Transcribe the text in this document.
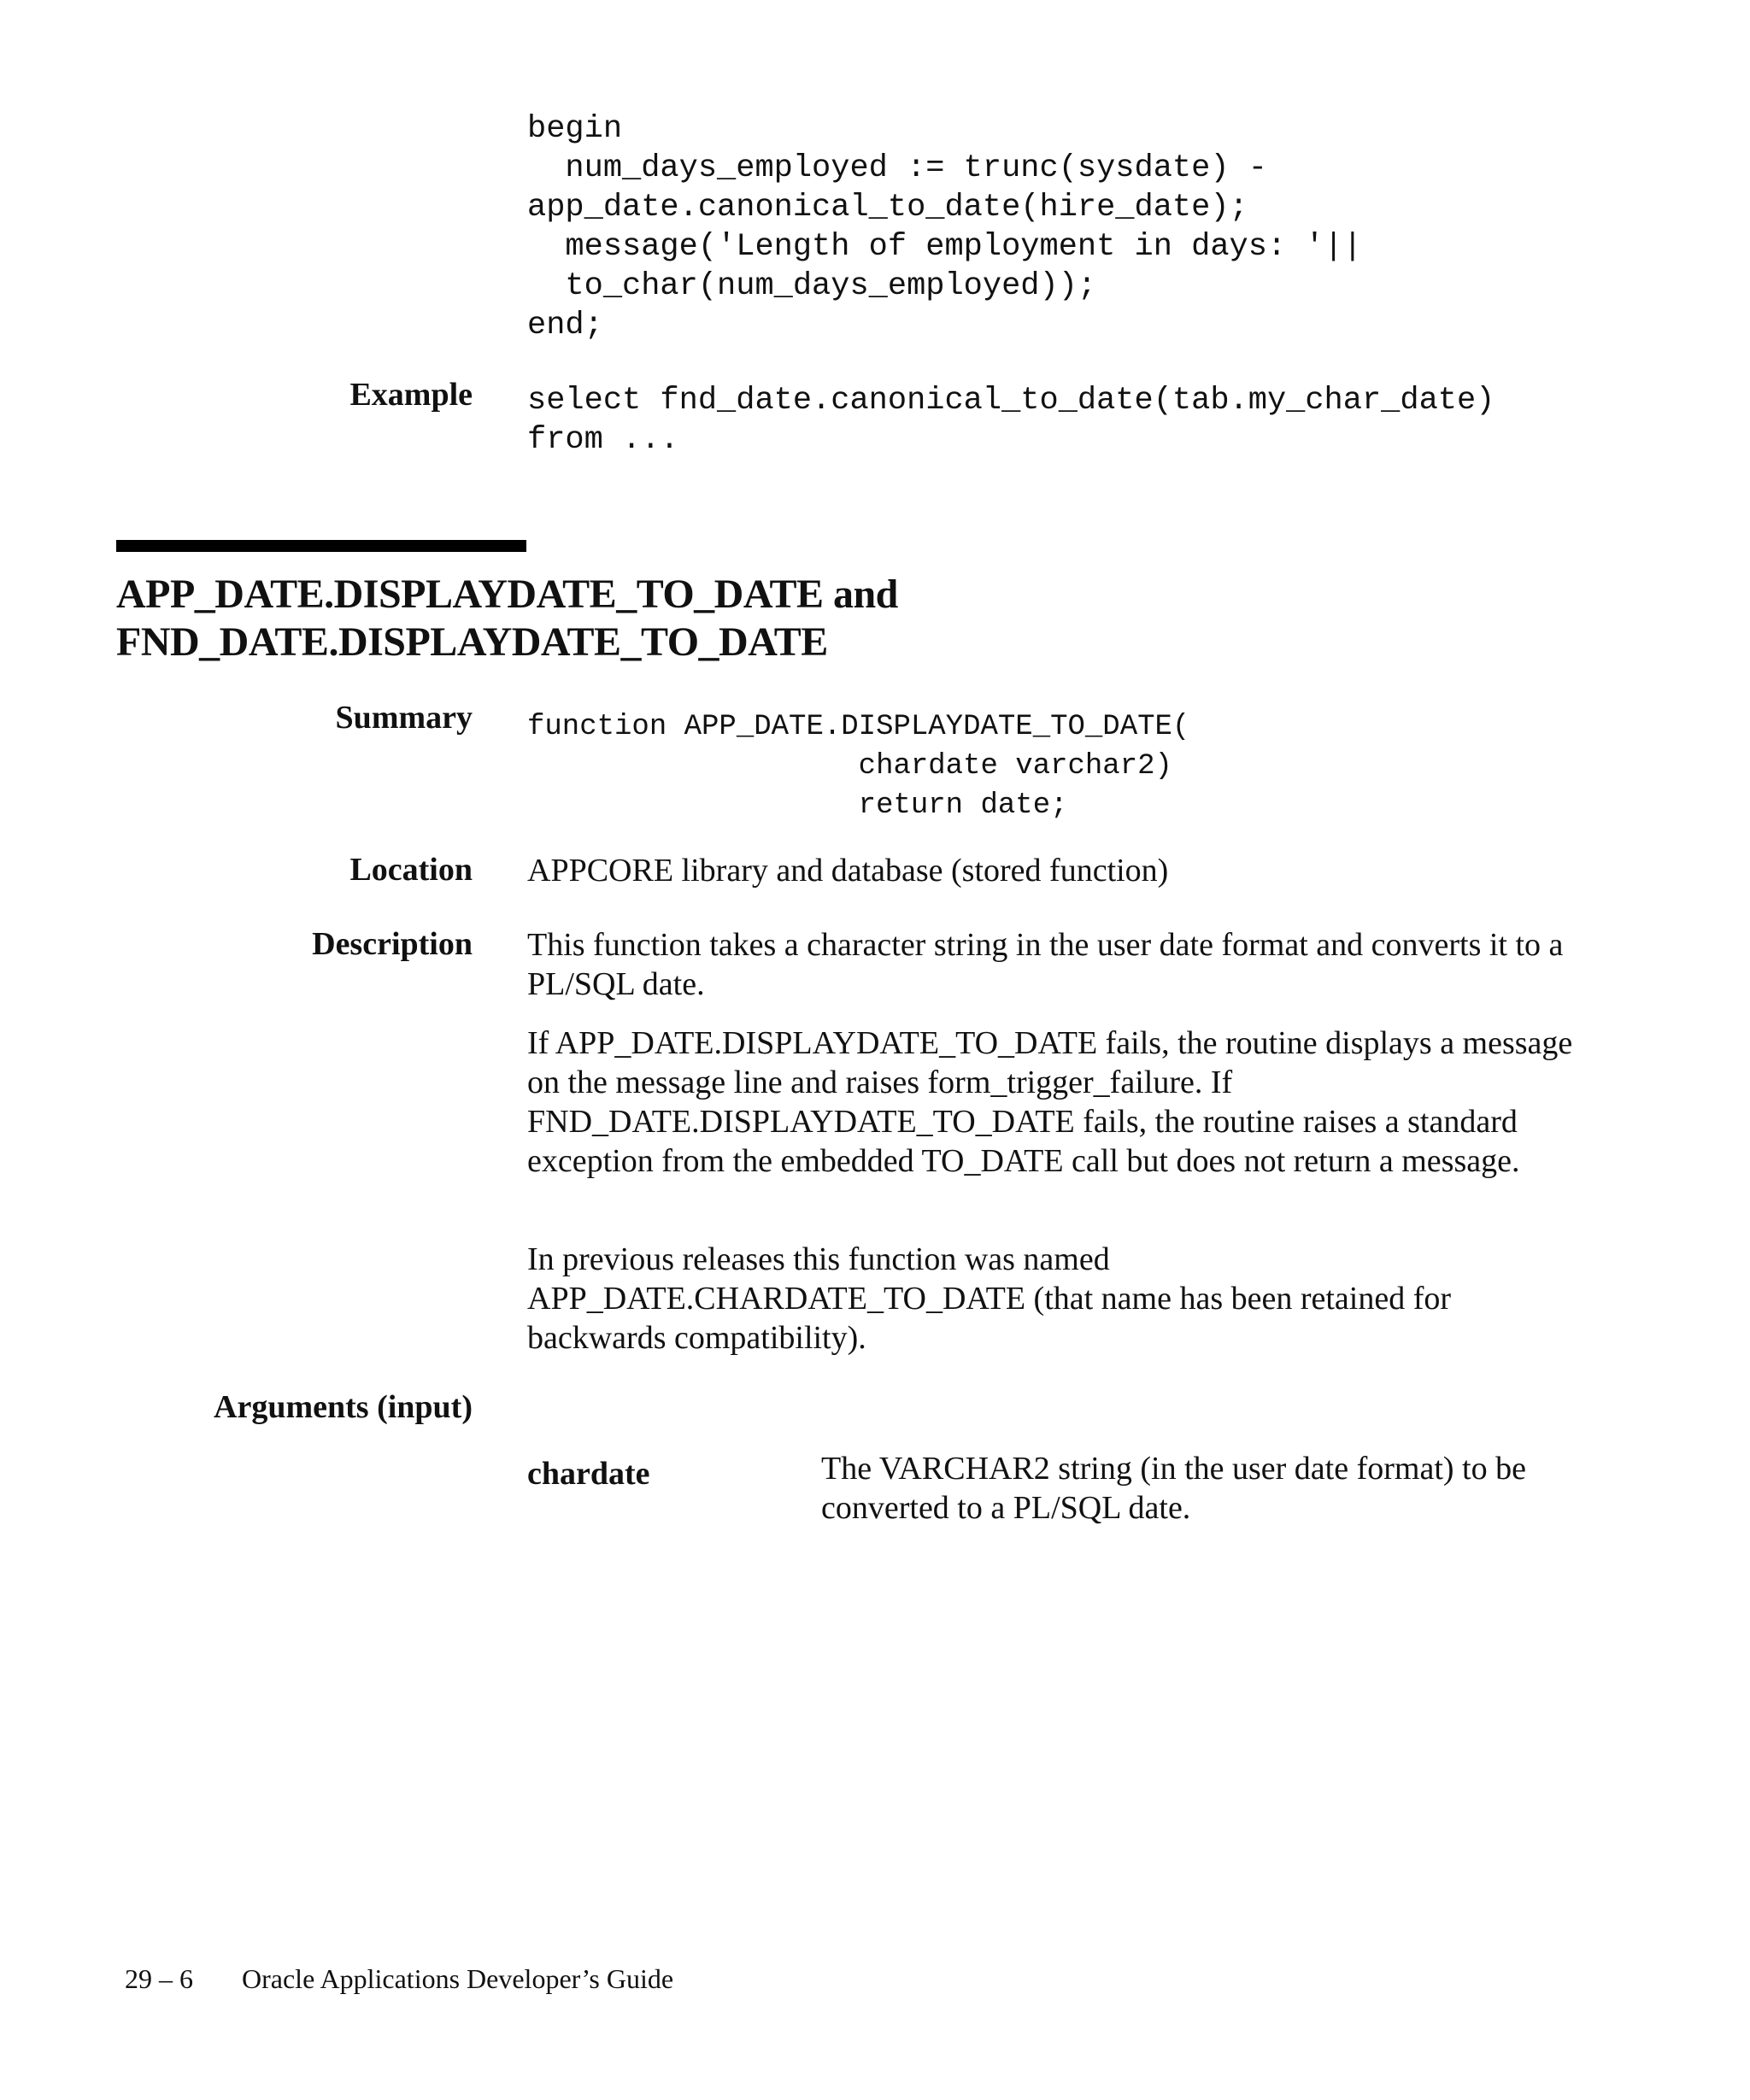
begin
num_days_employed := trunc(sysdate) -
app_date.canonical_to_date(hire_date);
message('Length of employment in days: '||
to_char(num_days_employed));
end;
Example select fnd_date.canonical_to_date(tab.my_char_date)
from ...
APP_DATE.DISPLAYDATE_TO_DATE and
FND_DATE.DISPLAYDATE_TO_DATE
Summary function APP_DATE.DISPLAYDATE_TO_DATE(
chardate varchar2)
return date;
Location APPCORE library and database (stored function)

Description This function takes a character string in the user date format and converts it to a PL/SQL date.

If APP_DATE.DISPLAYDATE_TO_DATE fails, the routine displays a message on the message line and raises form_trigger_failure. If FND_DATE.DISPLAYDATE_TO_DATE fails, the routine raises a standard exception from the embedded TO_DATE call but does not return a message.

In previous releases this function was named APP_DATE.CHARDATE_TO_DATE (that name has been retained for backwards compatibility).

Arguments (input)
chardate	The VARCHAR2 string (in the user date format) to be converted to a PL/SQL date.

29 – 6 Oracle Applications Developer’s Guide
